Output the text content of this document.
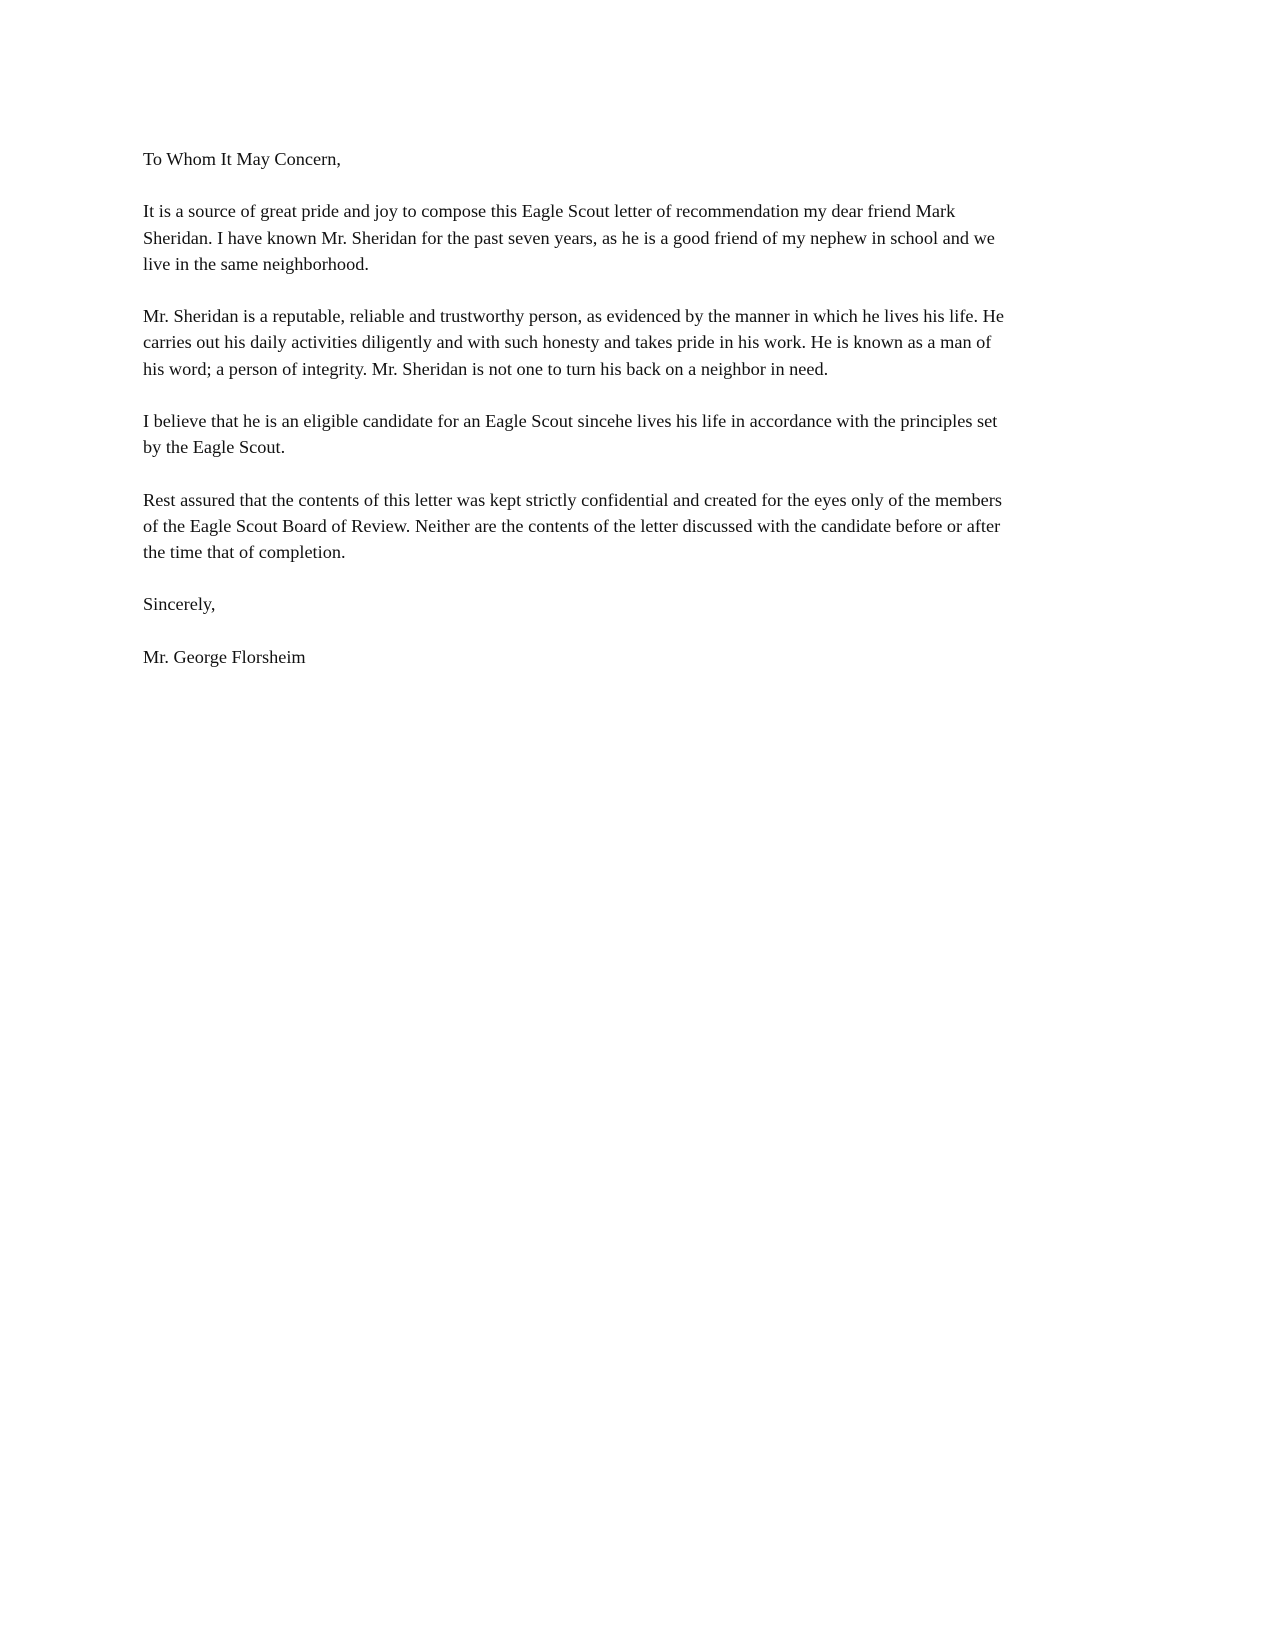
To Whom It May Concern,

It is a source of great pride and joy to compose this Eagle Scout letter of recommendation my dear friend Mark
Sheridan. I have known Mr. Sheridan for the past seven years, as he is a good friend of my nephew in school and we
live in the same neighborhood.

Mr. Sheridan is a reputable, reliable and trustworthy person, as evidenced by the manner in which he lives his life. He
carries out his daily activities diligently and with such honesty and takes pride in his work. He is known as a man of
his word; a person of integrity. Mr. Sheridan is not one to turn his back on a neighbor in need.

I believe that he is an eligible candidate for an Eagle Scout sincehe lives his life in accordance with the principles set
by the Eagle Scout.

Rest assured that the contents of this letter was kept strictly confidential and created for the eyes only of the members
of the Eagle Scout Board of Review. Neither are the contents of the letter discussed with the candidate before or after
the time that of completion.

Sincerely,

Mr. George Florsheim
